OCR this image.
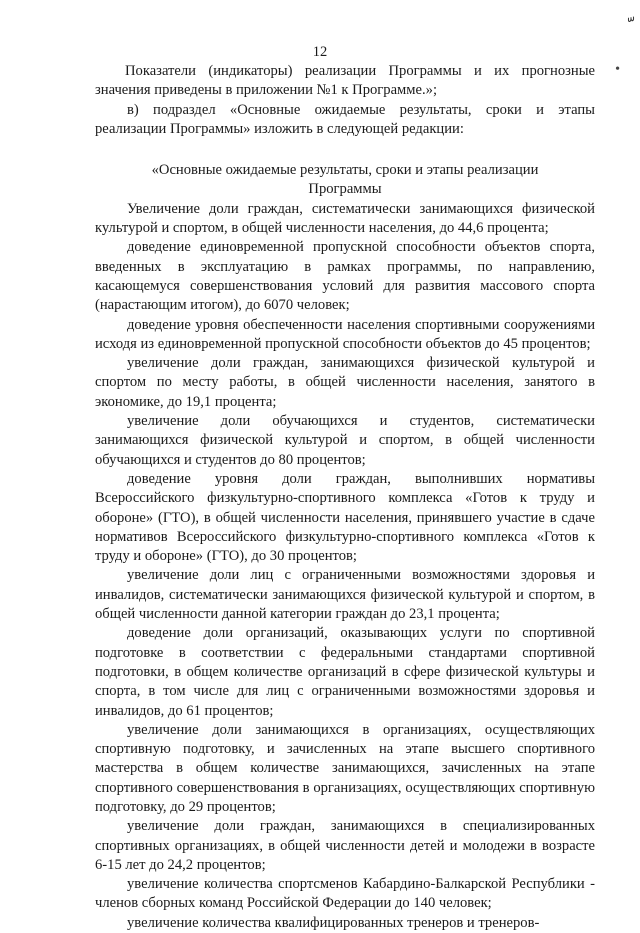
12
•

Показатели (индикаторы) реализации Программы и их прогнозные значения приведены в приложении №1 к Программе.»;

в) подраздел «Основные ожидаемые результаты, сроки и этапы реализации Программы» изложить в следующей редакции:

«Основные ожидаемые результаты, сроки и этапы реализации Программы

Увеличение доли граждан, систематически занимающихся физической культурой и спортом, в общей численности населения, до 44,6 процента;

доведение единовременной пропускной способности объектов спорта, введенных в эксплуатацию в рамках программы, по направлению, касающемуся совершенствования условий для развития массового спорта (нарастающим итогом), до 6070 человек;

доведение уровня обеспеченности населения спортивными сооружениями исходя из единовременной пропускной способности объектов до 45 процентов;

увеличение доли граждан, занимающихся физической культурой и спортом по месту работы, в общей численности населения, занятого в экономике, до 19,1 процента;

увеличение доли обучающихся и студентов, систематически занимающихся физической культурой и спортом, в общей численности обучающихся и студентов до 80 процентов;

доведение уровня доли граждан, выполнивших нормативы Всероссийского физкультурно-спортивного комплекса «Готов к труду и обороне» (ГТО), в общей численности населения, принявшего участие в сдаче нормативов Всероссийского физкультурно-спортивного комплекса «Готов к труду и обороне» (ГТО), до 30 процентов;

увеличение доли лиц с ограниченными возможностями здоровья и инвалидов, систематически занимающихся физической культурой и спортом, в общей численности данной категории граждан до 23,1 процента;

доведение доли организаций, оказывающих услуги по спортивной подготовке в соответствии с федеральными стандартами спортивной подготовки, в общем количестве организаций в сфере физической культуры и спорта, в том числе для лиц с ограниченными возможностями здоровья и инвалидов, до 61 процентов;

увеличение доли занимающихся в организациях, осуществляющих спортивную подготовку, и зачисленных на этапе высшего спортивного мастерства в общем количестве занимающихся, зачисленных на этапе спортивного совершенствования в организациях, осуществляющих спортивную подготовку, до 29 процентов;

увеличение доли граждан, занимающихся в специализированных спортивных организациях, в общей численности детей и молодежи в возрасте 6-15 лет до 24,2 процентов;

увеличение количества спортсменов Кабардино-Балкарской Республики - членов сборных команд Российской Федерации до 140 человек;

увеличение количества квалифицированных тренеров и тренеров-
